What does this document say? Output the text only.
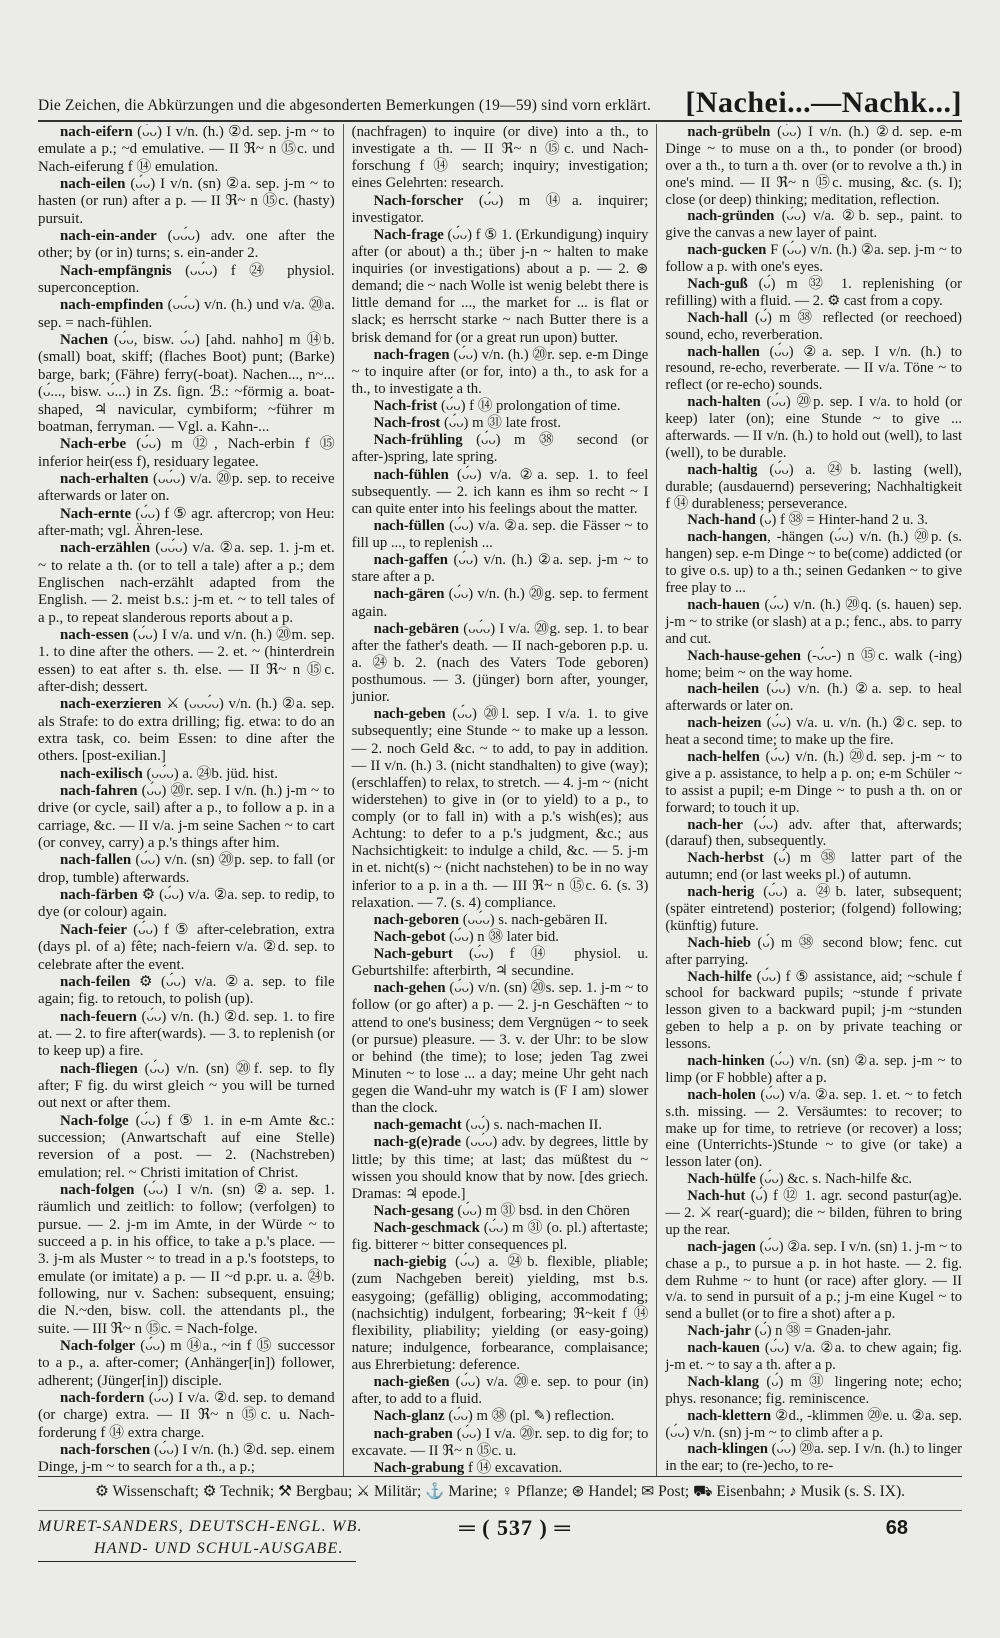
Die Zeichen, die Abkürzungen und die abgesonderten Bemerkungen (19—59) sind vorn erklärt. [Nachei...—Nachk...]

nach-eifern (ᴗ́ᴗ) I v/n. (h.) ②d. sep. j-m ~ to emulate a p.; ~d emulative. — II ℜ~ n ⑮c. und Nach-eiferung f ⑭ emulation.

nach-eilen (ᴗ́ᴗ) I v/n. (sn) ②a. sep. j-m ~ to hasten (or run) after a p. — II ℜ~ n ⑮c. (hasty) pursuit.

nach-ein-ander (ᴗᴗ́ᴗ) adv. one after the other; by (or in) turns; s. ein-ander 2.

Nach-empfängnis (ᴗᴗ́ᴗ) f ㉔ physiol. superconception.

nach-empfinden (ᴗᴗ́ᴗ) v/n. (h.) und v/a. ⑳a. sep. = nach-fühlen.

Nachen (ᴗ́ᴗ, bisw. ᴗ́ᴗ) [ahd. nahho] m ⑭b. (small) boat, skiff; (flaches Boot) punt; (Barke) barge, bark; (Fähre) ferry(-boat). Nachen..., n~... (ᴗ́..., bisw. ᴗ́...) in Zs. ſign. ℬ.: ~förmig a. boat-shaped, ♃ navicular, cymbiform; ~führer m boatman, ferryman. — Vgl. a. Kahn-...

Nach-erbe (ᴗ́ᴗ) m ⑫, Nach-erbin f ⑮ inferior heir(ess f), residuary legatee.

nach-erhalten (ᴗᴗ́ᴗ) v/a. ⑳p. sep. to receive afterwards or later on.

Nach-ernte (ᴗ́ᴗ) f ⑤ agr. aftercrop; von Heu: after-math; vgl. Ähren-lese.

nach-erzählen (ᴗᴗ́ᴗ) v/a. ②a. sep. 1. j-m et. ~ to relate a th. (or to tell a tale) after a p.; dem Englischen nach-erzählt adapted from the English. — 2. meist b.s.: j-m et. ~ to tell tales of a p., to repeat slanderous reports about a p.

nach-essen (ᴗ́ᴗ) I v/a. und v/n. (h.) ⑳m. sep. 1. to dine after the others. — 2. et. ~ (hinterdrein essen) to eat after s. th. else. — II ℜ~ n ⑮c. after-dish; dessert.

nach-exerzieren ⚔ (ᴗᴗᴗ́ᴗ) v/n. (h.) ②a. sep. als Strafe: to do extra drilling; fig. etwa: to do an extra task, co. beim Essen: to dine after the others. [post-exilian.]

nach-exilisch (ᴗᴗ́ᴗ) a. ㉔b. jüd. hist.

nach-fahren (ᴗ́ᴗ) ⑳r. sep. I v/n. (h.) j-m ~ to drive (or cycle, sail) after a p., to follow a p. in a carriage, &c. — II v/a. j-m seine Sachen ~ to cart (or convey, carry) a p.'s things after him.

nach-fallen (ᴗ́ᴗ) v/n. (sn) ⑳p. sep. to fall (or drop, tumble) afterwards.

nach-färben ⚙ (ᴗ́ᴗ) v/a. ②a. sep. to redip, to dye (or colour) again.

Nach-feier (ᴗ́ᴗ) f ⑤ after-celebration, extra (days pl. of a) fête; nach-feiern v/a. ②d. sep. to celebrate after the event.

nach-feilen ⚙ (ᴗ́ᴗ) v/a. ②a. sep. to file again; fig. to retouch, to polish (up).

nach-feuern (ᴗ́ᴗ) v/n. (h.) ②d. sep. 1. to fire at. — 2. to fire after(wards). — 3. to replenish (or to keep up) a fire.

nach-fliegen (ᴗ́ᴗ) v/n. (sn) ⑳f. sep. to fly after; F fig. du wirst gleich ~ you will be turned out next or after them.

Nach-folge (ᴗ́ᴗ) f ⑤ 1. in e-m Amte &c.: succession; (Anwartschaft auf eine Stelle) reversion of a post. — 2. (Nachstreben) emulation; rel. ~ Christi imitation of Christ.

nach-folgen (ᴗ́ᴗ) I v/n. (sn) ②a. sep. 1. räumlich und zeitlich: to follow; (verfolgen) to pursue. — 2. j-m im Amte, in der Würde ~ to succeed a p. in his office, to take a p.'s place. — 3. j-m als Muster ~ to tread in a p.'s footsteps, to emulate (or imitate) a p. — II ~d p.pr. u. a. ㉔b. following, nur v. Sachen: subsequent, ensuing; die N.~den, bisw. coll. the attendants pl., the suite. — III ℜ~ n ⑮c. = Nach-folge.

Nach-folger (ᴗ́ᴗ) m ⑭a., ~in f ⑮ successor to a p., a. after-comer; (Anhänger[in]) follower, adherent; (Jünger[in]) disciple.

nach-fordern (ᴗ́ᴗ) I v/a. ②d. sep. to demand (or charge) extra. — II ℜ~ n ⑮c. u. Nach-forderung f ⑭ extra charge.

nach-forschen (ᴗ́ᴗ) I v/n. (h.) ②d. sep. einem Dinge, j-m ~ to search for a th., a p.;

(nachfragen) to inquire (or dive) into a th., to investigate a th. — II ℜ~ n ⑮c. und Nach-forschung f ⑭ search; inquiry; investigation; eines Gelehrten: research.

Nach-forscher (ᴗ́ᴗ) m ⑭a. inquirer; investigator.

Nach-frage (ᴗ́ᴗ) f ⑤ 1. (Erkundigung) inquiry after (or about) a th.; über j-n ~ halten to make inquiries (or investigations) about a p. — 2. ⊛ demand; die ~ nach Wolle ist wenig belebt there is little demand for ..., the market for ... is flat or slack; es herrscht starke ~ nach Butter there is a brisk demand for (or a great run upon) butter.

nach-fragen (ᴗ́ᴗ) v/n. (h.) ⑳r. sep. e-m Dinge ~ to inquire after (or for, into) a th., to ask for a th., to investigate a th.

Nach-frist (ᴗ́ᴗ) f ⑭ prolongation of time.

Nach-frost (ᴗ́ᴗ) m ㉛ late frost.

Nach-frühling (ᴗ́ᴗ) m ㊳ second (or after-)spring, late spring.

nach-fühlen (ᴗ́ᴗ) v/a. ②a. sep. 1. to feel subsequently. — 2. ich kann es ihm so recht ~ I can quite enter into his feelings about the matter.

nach-füllen (ᴗ́ᴗ) v/a. ②a. sep. die Fässer ~ to fill up ..., to replenish ...

nach-gaffen (ᴗ́ᴗ) v/n. (h.) ②a. sep. j-m ~ to stare after a p.

nach-gären (ᴗ́ᴗ) v/n. (h.) ⑳g. sep. to ferment again.

nach-gebären (ᴗᴗ́ᴗ) I v/a. ⑳g. sep. 1. to bear after the father's death. — II nach-geboren p.p. u. a. ㉔b. 2. (nach des Vaters Tode geboren) posthumous. — 3. (jünger) born after, younger, junior.

nach-geben (ᴗ́ᴗ) ⑳l. sep. I v/a. 1. to give subsequently; eine Stunde ~ to make up a lesson. — 2. noch Geld &c. ~ to add, to pay in addition. — II v/n. (h.) 3. (nicht standhalten) to give (way); (erschlaffen) to relax, to stretch. — 4. j-m ~ (nicht widerstehen) to give in (or to yield) to a p., to comply (or to fall in) with a p.'s wish(es); aus Achtung: to defer to a p.'s judgment, &c.; aus Nachsichtigkeit: to indulge a child, &c. — 5. j-m in et. nicht(s) ~ (nicht nachstehen) to be in no way inferior to a p. in a th. — III ℜ~ n ⑮c. 6. (s. 3) relaxation. — 7. (s. 4) compliance.

nach-geboren (ᴗᴗ́ᴗ) s. nach-gebären II.

Nach-gebot (ᴗ́ᴗ) n ㊳ later bid.

Nach-geburt (ᴗ́ᴗ) f ⑭ physiol. u. Geburtshilfe: afterbirth, ♃ secundine.

nach-gehen (ᴗ́ᴗ) v/n. (sn) ⑳s. sep. 1. j-m ~ to follow (or go after) a p. — 2. j-n Geschäften ~ to attend to one's business; dem Vergnügen ~ to seek (or pursue) pleasure. — 3. v. der Uhr: to be slow or behind (the time); to lose; jeden Tag zwei Minuten ~ to lose ... a day; meine Uhr geht nach gegen die Wand-uhr my watch is (F I am) slower than the clock.

nach-gemacht (ᴗᴗ́) s. nach-machen II.

nach-g(e)rade (ᴗᴗ́ᴗ) adv. by degrees, little by little; by this time; at last; das müßtest du ~ wissen you should know that by now. [des griech. Dramas: ♃ epode.]

Nach-gesang (ᴗ́ᴗ) m ㉛ bsd. in den Chören

Nach-geschmack (ᴗ́ᴗ) m ㉛ (o. pl.) aftertaste; fig. bitterer ~ bitter consequences pl.

nach-giebig (ᴗ́ᴗ) a. ㉔b. flexible, pliable; (zum Nachgeben bereit) yielding, mst b.s. easygoing; (gefällig) obliging, accommodating; (nachsichtig) indulgent, forbearing; ℜ~keit f ⑭ flexibility, pliability; yielding (or easy-going) nature; indulgence, forbearance, complaisance; aus Ehrerbietung: deference.

nach-gießen (ᴗ́ᴗ) v/a. ⑳e. sep. to pour (in) after, to add to a fluid.

Nach-glanz (ᴗ́ᴗ) m ㊳ (pl. ✎) reflection.

nach-graben (ᴗ́ᴗ) I v/a. ⑳r. sep. to dig for; to excavate. — II ℜ~ n ⑮c. u.

Nach-grabung f ⑭ excavation.

nach-grübeln (ᴗ́ᴗ) I v/n. (h.) ②d. sep. e-m Dinge ~ to muse on a th., to ponder (or brood) over a th., to turn a th. over (or to revolve a th.) in one's mind. — II ℜ~ n ⑮c. musing, &c. (s. I); close (or deep) thinking; meditation, reflection.

nach-gründen (ᴗ́ᴗ) v/a. ②b. sep., paint. to give the canvas a new layer of paint.

nach-gucken F (ᴗ́ᴗ) v/n. (h.) ②a. sep. j-m ~ to follow a p. with one's eyes.

Nach-guß (ᴗ́) m ㉜ 1. replenishing (or refilling) with a fluid. — 2. ⚙ cast from a copy.

Nach-hall (ᴗ́) m ㊳ reflected (or reechoed) sound, echo, reverberation.

nach-hallen (ᴗ́ᴗ) ②a. sep. I v/n. (h.) to resound, re-echo, reverberate. — II v/a. Töne ~ to reflect (or re-echo) sounds.

nach-halten (ᴗ́ᴗ) ⑳p. sep. I v/a. to hold (or keep) later (on); eine Stunde ~ to give ... afterwards. — II v/n. (h.) to hold out (well), to last (well), to be durable.

nach-haltig (ᴗ́ᴗ) a. ㉔b. lasting (well), durable; (ausdauernd) persevering; Nachhaltigkeit f ⑭ durableness; perseverance.

Nach-hand (ᴗ́) f ㊳ = Hinter-hand 2 u. 3.

nach-hangen, -hängen (ᴗ́ᴗ) v/n. (h.) ⑳p. (s. hangen) sep. e-m Dinge ~ to be(come) addicted (or to give o.s. up) to a th.; seinen Gedanken ~ to give free play to ...

nach-hauen (ᴗ́ᴗ) v/n. (h.) ⑳q. (s. hauen) sep. j-m ~ to strike (or slash) at a p.; fenc., abs. to parry and cut.

Nach-hause-gehen (-ᴗ́ᴗ-) n ⑮c. walk (-ing) home; beim ~ on the way home.

nach-heilen (ᴗ́ᴗ) v/n. (h.) ②a. sep. to heal afterwards or later on.

nach-heizen (ᴗ́ᴗ) v/a. u. v/n. (h.) ②c. sep. to heat a second time; to make up the fire.

nach-helfen (ᴗ́ᴗ) v/n. (h.) ⑳d. sep. j-m ~ to give a p. assistance, to help a p. on; e-m Schüler ~ to assist a pupil; e-m Dinge ~ to push a th. on or forward; to touch it up.

nach-her (ᴗ́ᴗ) adv. after that, afterwards; (darauf) then, subsequently.

Nach-herbst (ᴗ́) m ㊳ latter part of the autumn; end (or last weeks pl.) of autumn.

nach-herig (ᴗ́ᴗ) a. ㉔b. later, subsequent; (später eintretend) posterior; (folgend) following; (künftig) future.

Nach-hieb (ᴗ́) m ㊳ second blow; fenc. cut after parrying.

Nach-hilfe (ᴗ́ᴗ) f ⑤ assistance, aid; ~schule f school for backward pupils; ~stunde f private lesson given to a backward pupil; j-m ~stunden geben to help a p. on by private teaching or lessons.

nach-hinken (ᴗ́ᴗ) v/n. (sn) ②a. sep. j-m ~ to limp (or F hobble) after a p.

nach-holen (ᴗ́ᴗ) v/a. ②a. sep. 1. et. ~ to fetch s.th. missing. — 2. Versäumtes: to recover; to make up for time, to retrieve (or recover) a loss; eine (Unterrichts-)Stunde ~ to give (or take) a lesson later (on).

Nach-hülfe (ᴗ́ᴗ) &c. s. Nach-hilfe &c.

Nach-hut (ᴗ́) f ⑫ 1. agr. second pastur(ag)e. — 2. ⚔ rear(-guard); die ~ bilden, führen to bring up the rear.

nach-jagen (ᴗ́ᴗ) ②a. sep. I v/n. (sn) 1. j-m ~ to chase a p., to pursue a p. in hot haste. — 2. fig. dem Ruhme ~ to hunt (or race) after glory. — II v/a. to send in pursuit of a p.; j-m eine Kugel ~ to send a bullet (or to fire a shot) after a p.

Nach-jahr (ᴗ́) n ㊳ = Gnaden-jahr.

nach-kauen (ᴗ́ᴗ) v/a. ②a. to chew again; fig. j-m et. ~ to say a th. after a p.

Nach-klang (ᴗ́) m ㉛ lingering note; echo; phys. resonance; fig. reminiscence.

nach-klettern ②d., -klimmen ⑳e. u. ②a. sep. (ᴗ́ᴗ) v/n. (sn) j-m ~ to climb after a p.

nach-klingen (ᴗ́ᴗ) ⑳a. sep. I v/n. (h.) to linger in the ear; to (re-)echo, to re-

⚙ Wissenschaft; ⚙ Technik; ⚒ Bergbau; ⚔ Militär; ⚓ Marine; ♀ Pflanze; ⊛ Handel; ✉ Post; ⛟ Eisenbahn; ♪ Musik (s. S. IX).
MURET-SANDERS, DEUTSCH-ENGL. WB.
HAND- UND SCHUL-AUSGABE.
═ ( 537 ) ═	68
